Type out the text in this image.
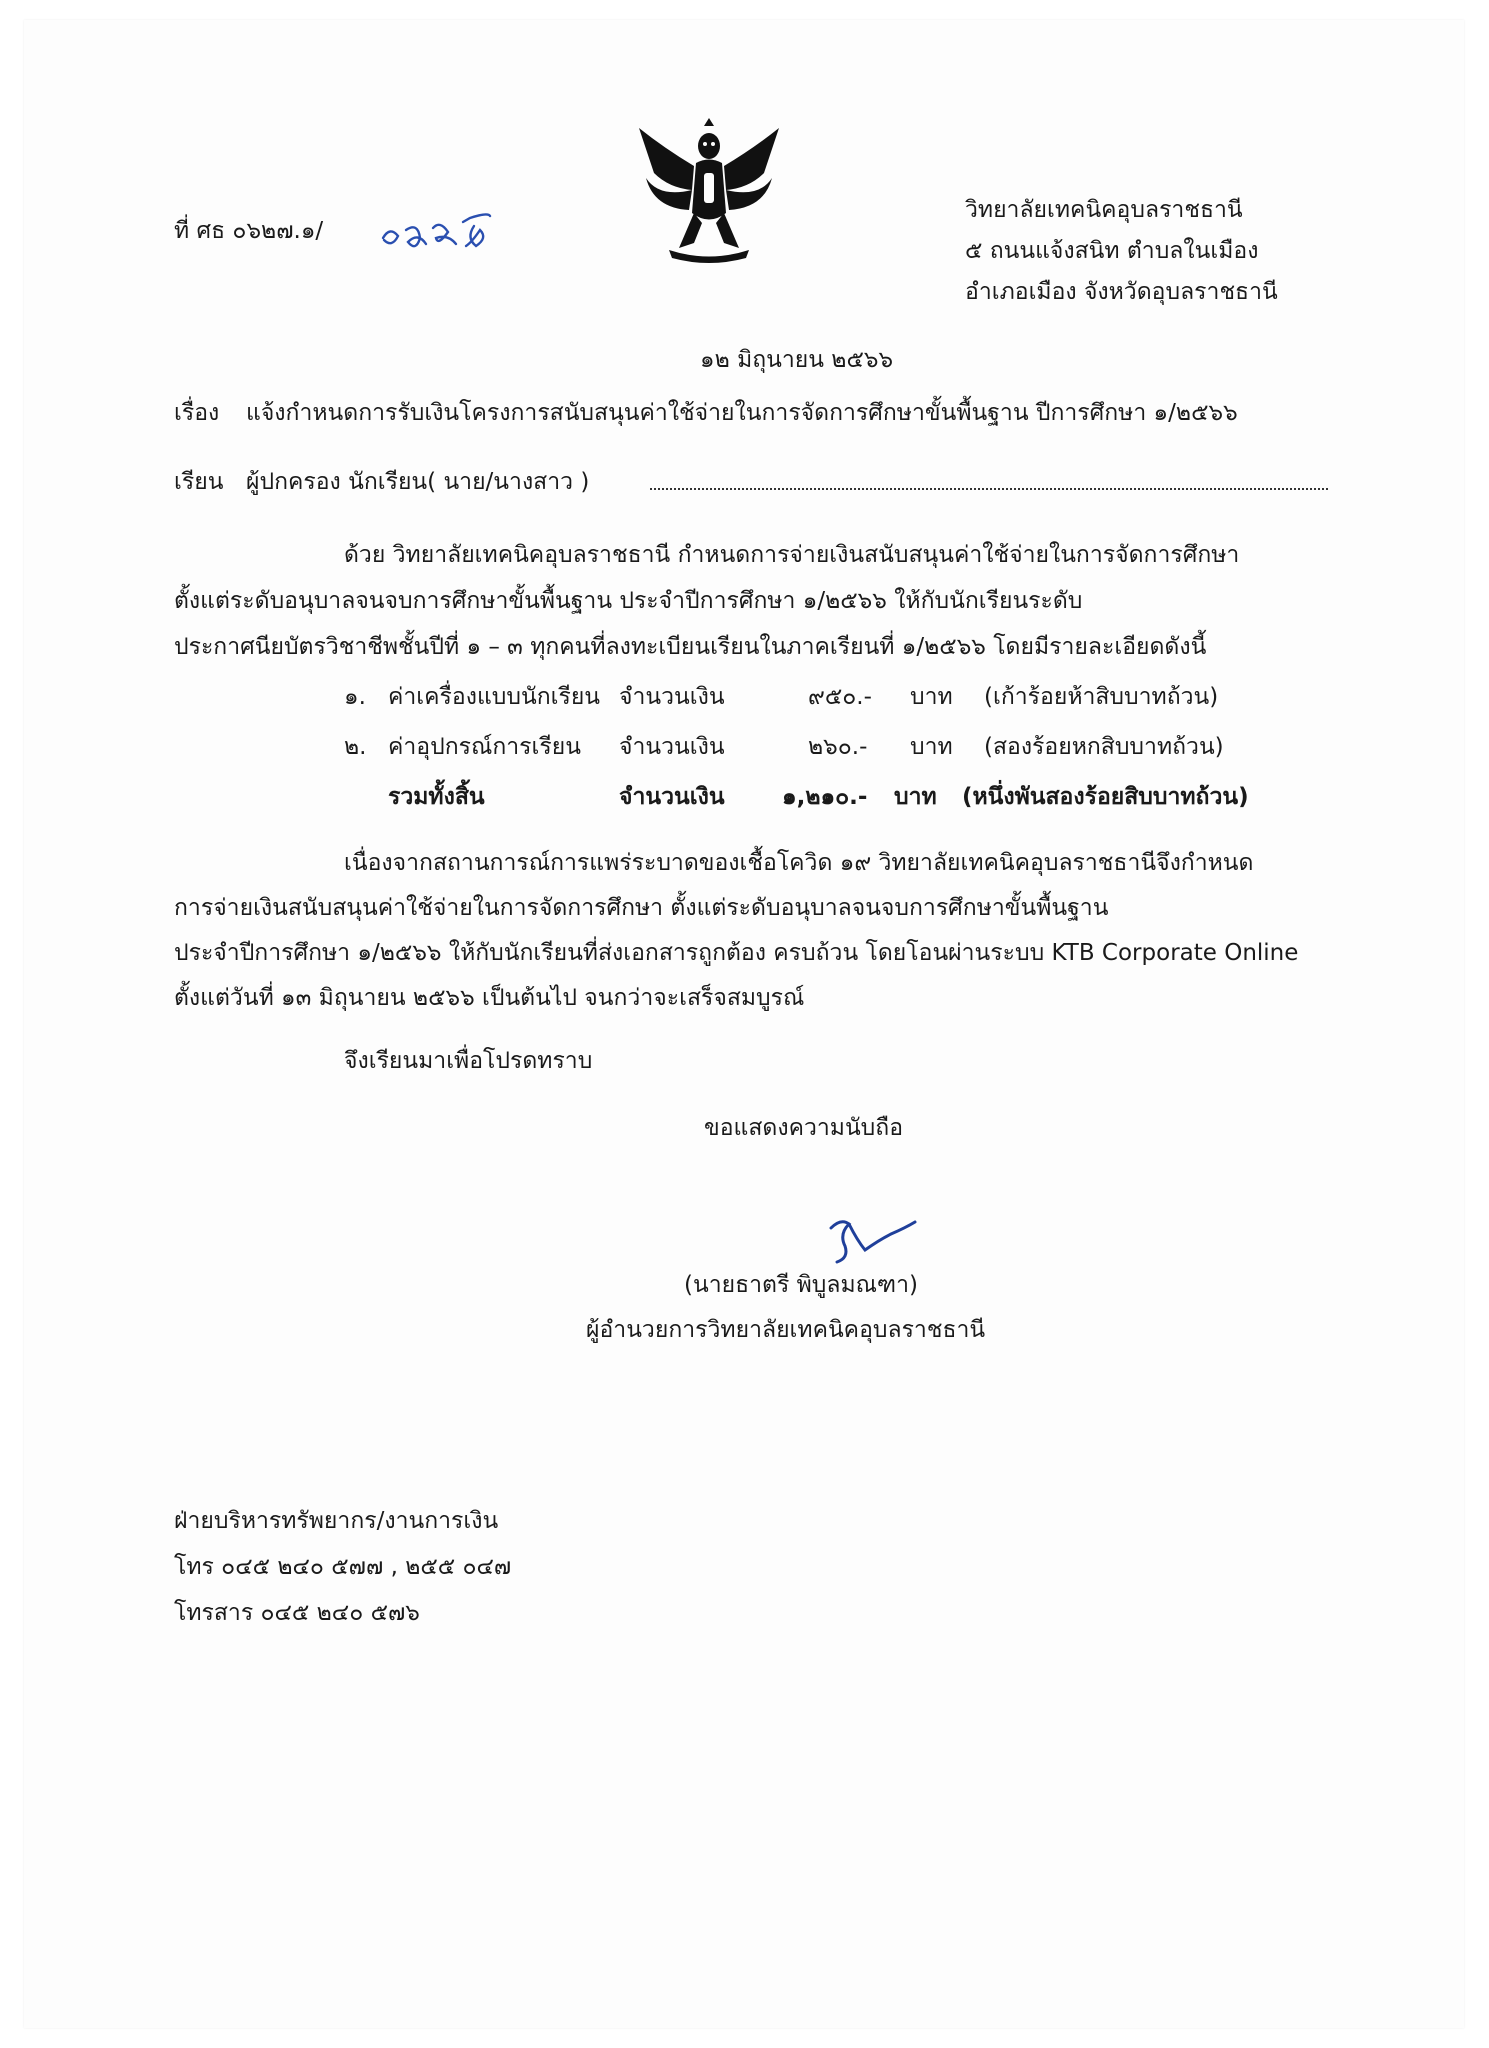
ที่ ศธ ๐๖๒๗.๑/
วิทยาลัยเทคนิคอุบลราชธานี
๕ ถนนแจ้งสนิท ตำบลในเมือง
อำเภอเมือง จังหวัดอุบลราชธานี
๑๒ มิถุนายน ๒๕๖๖
เรื่อง แจ้งกำหนดการรับเงินโครงการสนับสนุนค่าใช้จ่ายในการจัดการศึกษาขั้นพื้นฐาน ปีการศึกษา ๑/๒๕๖๖
เรียน ผู้ปกครอง นักเรียน( นาย/นางสาว )
ด้วย วิทยาลัยเทคนิคอุบลราชธานี กำหนดการจ่ายเงินสนับสนุนค่าใช้จ่ายในการจัดการศึกษา
ตั้งแต่ระดับอนุบาลจนจบการศึกษาขั้นพื้นฐาน ประจำปีการศึกษา ๑/๒๕๖๖ ให้กับนักเรียนระดับ
ประกาศนียบัตรวิชาชีพชั้นปีที่ ๑ – ๓ ทุกคนที่ลงทะเบียนเรียนในภาคเรียนที่ ๑/๒๕๖๖ โดยมีรายละเอียดดังนี้
๑. ค่าเครื่องแบบนักเรียน จำนวนเงิน	๙๕๐.- บาท (เก้าร้อยห้าสิบบาทถ้วน)
๒. ค่าอุปกรณ์การเรียน จำนวนเงิน	๒๖๐.- บาท (สองร้อยหกสิบบาทถ้วน)
รวมทั้งสิ้น	จำนวนเงิน ๑,๒๑๐.- บาท (หนึ่งพันสองร้อยสิบบาทถ้วน)
เนื่องจากสถานการณ์การแพร่ระบาดของเชื้อโควิด ๑๙ วิทยาลัยเทคนิคอุบลราชธานีจึงกำหนด
การจ่ายเงินสนับสนุนค่าใช้จ่ายในการจัดการศึกษา ตั้งแต่ระดับอนุบาลจนจบการศึกษาขั้นพื้นฐาน
ประจำปีการศึกษา ๑/๒๕๖๖ ให้กับนักเรียนที่ส่งเอกสารถูกต้อง ครบถ้วน โดยโอนผ่านระบบ KTB Corporate Online
ตั้งแต่วันที่ ๑๓ มิถุนายน ๒๕๖๖ เป็นต้นไป จนกว่าจะเสร็จสมบูรณ์
จึงเรียนมาเพื่อโปรดทราบ
ขอแสดงความนับถือ
(นายธาตรี พิบูลมณฑา)
ผู้อำนวยการวิทยาลัยเทคนิคอุบลราชธานี
ฝ่ายบริหารทรัพยากร/งานการเงิน
โทร ๐๔๕ ๒๔๐ ๕๗๗ , ๒๕๕ ๐๔๗
โทรสาร ๐๔๕ ๒๔๐ ๕๗๖
